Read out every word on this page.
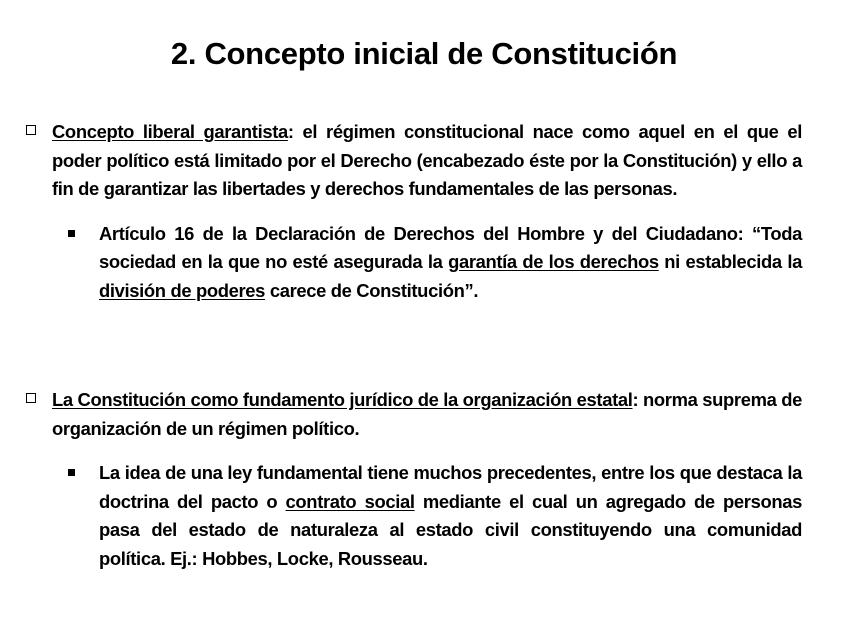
2. Concepto inicial de Constitución
Concepto liberal garantista: el régimen constitucional nace como aquel en el que el poder político está limitado por el Derecho (encabezado éste por la Constitución) y ello a fin de garantizar las libertades y derechos fundamentales de las personas.
Artículo 16 de la Declaración de Derechos del Hombre y del Ciudadano: “Toda sociedad en la que no esté asegurada la garantía de los derechos ni establecida la división de poderes carece de Constitución”.
La Constitución como fundamento jurídico de la organización estatal: norma suprema de organización de un régimen político.
La idea de una ley fundamental tiene muchos precedentes, entre los que destaca la doctrina del pacto o contrato social mediante el cual un agregado de personas pasa del estado de naturaleza al estado civil constituyendo una comunidad política. Ej.: Hobbes, Locke, Rousseau.
